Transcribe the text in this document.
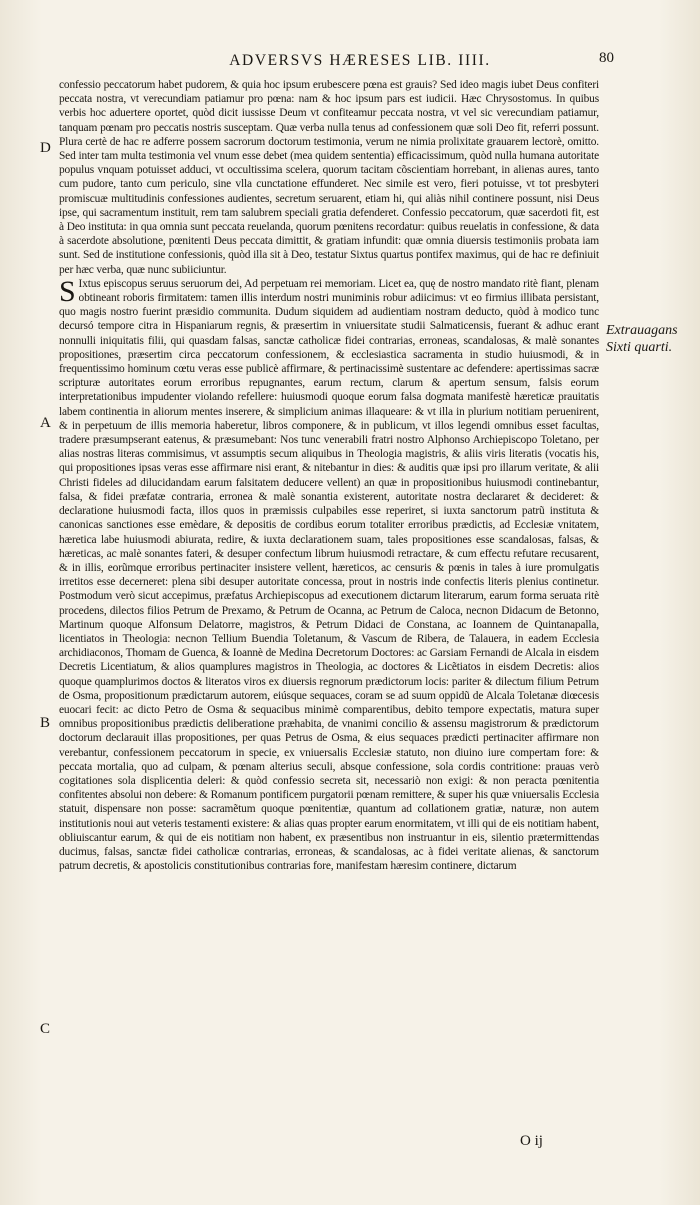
ADVERSVS HÆRESES LIB. IIII.	80
D
A
B
C
Extrauagans Sixti quarti.

confessio peccatorum habet pudorem, & quia hoc ipsum erubescere pœna est grauis? Sed ideo magis iubet Deus confiteri peccata nostra, vt verecundiam patiamur pro pœna: nam & hoc ipsum pars est iudicii. Hæc Chrysostomus. In quibus verbis hoc aduertere oportet, quòd dicit iussisse Deum vt confiteamur peccata nostra, vt vel sic verecundiam patiamur, tanquam pœnam pro peccatis nostris susceptam. Quæ verba nulla tenus ad confessionem quæ soli Deo fit, referri possunt. Plura certè de hac re adferre possem sacrorum doctorum testimonia, verum ne nimia prolixitate grauarem lectorè, omitto. Sed inter tam multa testimonia vel vnum esse debet (mea quidem sententia) efficacissimum, quòd nulla humana autoritate populus vnquam potuisset adduci, vt occultissima scelera, quorum tacitam cõscientiam horrebant, in alienas aures, tanto cum pudore, tanto cum periculo, sine vlla cunctatione effunderet. Nec simile est vero, fieri potuisse, vt tot presbyteri promiscuæ multitudinis confessiones audientes, secretum seruarent, etiam hi, qui aliàs nihil continere possunt, nisi Deus ipse, qui sacramentum instituit, rem tam salubrem speciali gratia defenderet. Confessio peccatorum, quæ sacerdoti fit, est à Deo instituta: in qua omnia sunt peccata reuelanda, quorum pœnitens recordatur: quibus reuelatis in confessione, & data à sacerdote absolutione, pœnitenti Deus peccata dimittit, & gratiam infundit: quæ omnia diuersis testimoniis probata iam sunt. Sed de institutione confessionis, quòd illa sit à Deo, testatur Sixtus quartus pontifex maximus, qui de hac re definiuit per hæc verba, quæ nunc subiiciuntur.

S Ixtus episcopus seruus seruorum dei, Ad perpetuam rei memoriam. Licet ea, quę de nostro mandato ritè fiant, plenam obtineant roboris firmitatem: tamen illis interdum nostri muniminis robur adiicimus: vt eo firmius illibata persistant, quo magis nostro fuerint præsidio communita. Dudum siquidem ad audientiam nostram deducto, quòd à modico tunc decursó tempore citra in Hispaniarum regnis, & præsertim in vniuersitate studii Salmaticensis, fuerant & adhuc erant nonnulli iniquitatis filii, qui quasdam falsas, sanctæ catholicæ fidei contrarias, erroneas, scandalosas, & malè sonantes propositiones, præsertim circa peccatorum confessionem, & ecclesiastica sacramenta in studio huiusmodi, & in frequentissimo hominum cœtu veras esse publicè affirmare, & pertinacissimè sustentare ac defendere: apertissimas sacræ scripturæ autoritates eorum erroribus repugnantes, earum rectum, clarum & apertum sensum, falsis eorum interpretationibus impudenter violando refellere: huiusmodi quoque eorum falsa dogmata manifestè hæreticæ prauitatis labem continentia in aliorum mentes inserere, & simplicium animas illaqueare: & vt illa in plurium notitiam peruenirent, & in perpetuum de illis memoria haberetur, libros componere, & in publicum, vt illos legendi omnibus esset facultas, tradere præsumpserant eatenus, & præsumebant: Nos tunc venerabili fratri nostro Alphonso Archiepiscopo Toletano, per alias nostras literas commisimus, vt assumptis secum aliquibus in Theologia magistris, & aliis viris literatis (vocatis his, qui propositiones ipsas veras esse affirmare nisi erant, & nitebantur in dies: & auditis quæ ipsi pro illarum veritate, & alii Christi fideles ad dilucidandam earum falsitatem deducere vellent) an quæ in propositionibus huiusmodi continebantur, falsa, & fidei præfatæ contraria, erronea & malè sonantia existerent, autoritate nostra declararet & decideret: & declaratione huiusmodi facta, illos quos in præmissis culpabiles esse reperiret, si iuxta sanctorum patrũ instituta & canonicas sanctiones esse emèdare, & depositis de cordibus eorum totaliter erroribus prædictis, ad Ecclesiæ vnitatem, hæretica labe huiusmodi abiurata, redire, & iuxta declarationem suam, tales propositiones esse scandalosas, falsas, & hæreticas, ac malè sonantes fateri, & desuper confectum librum huiusmodi retractare, & cum effectu refutare recusarent, & in illis, eorũmque erroribus pertinaciter insistere vellent, hæreticos, ac censuris & pœnis in tales à iure promulgatis irretitos esse decerneret: plena sibi desuper autoritate concessa, prout in nostris inde confectis literis plenius continetur. Postmodum verò sicut accepimus, præfatus Archiepiscopus ad executionem dictarum literarum, earum forma seruata ritè procedens, dilectos filios Petrum de Prexamo, & Petrum de Ocanna, ac Petrum de Caloca, necnon Didacum de Betonno, Martinum quoque Alfonsum Delatorre, magistros, & Petrum Didaci de Constana, ac Ioannem de Quintanapalla, licentiatos in Theologia: necnon Tellium Buendia Toletanum, & Vascum de Ribera, de Talauera, in eadem Ecclesia archidiaconos, Thomam de Guenca, & Ioannè de Medina Decretorum Doctores: ac Garsiam Fernandi de Alcala in eisdem Decretis Licentiatum, & alios quamplures magistros in Theologia, ac doctores & Licẽtiatos in eisdem Decretis: alios quoque quamplurimos doctos & literatos viros ex diuersis regnorum prædictorum locis: pariter & dilectum filium Petrum de Osma, propositionum prædictarum autorem, eiúsque sequaces, coram se ad suum oppidũ de Alcala Toletanæ diœcesis euocari fecit: ac dicto Petro de Osma & sequacibus minimè comparentibus, debito tempore expectatis, matura super omnibus propositionibus prædictis deliberatione præhabita, de vnanimi concilio & assensu magistrorum & prædictorum doctorum declarauit illas propositiones, per quas Petrus de Osma, & eius sequaces prædicti pertinaciter affirmare non verebantur, confessionem peccatorum in specie, ex vniuersalis Ecclesiæ statuto, non diuino iure compertam fore: & peccata mortalia, quo ad culpam, & pœnam alterius seculi, absque confessione, sola cordis contritione: prauas verò cogitationes sola displicentia deleri: & quòd confessio secreta sit, necessariò non exigi: & non peracta pœnitentia confitentes absolui non debere: & Romanum pontificem purgatorii pœnam remittere, & super his quæ vniuersalis Ecclesia statuit, dispensare non posse: sacramẽtum quoque pœnitentiæ, quantum ad collationem gratiæ, naturæ, non autem institutionis noui aut veteris testamenti existere: & alias quas propter earum enormitatem, vt illi qui de eis notitiam habent, obliuiscantur earum, & qui de eis notitiam non habent, ex præsentibus non instruantur in eis, silentio prætermittendas ducimus, falsas, sanctæ fidei catholicæ contrarias, erroneas, & scandalosas, ac à fidei veritate alienas, & sanctorum patrum decretis, & apostolicis constitutionibus contrarias fore, manifestam hæresim continere, dictarum

O ij
